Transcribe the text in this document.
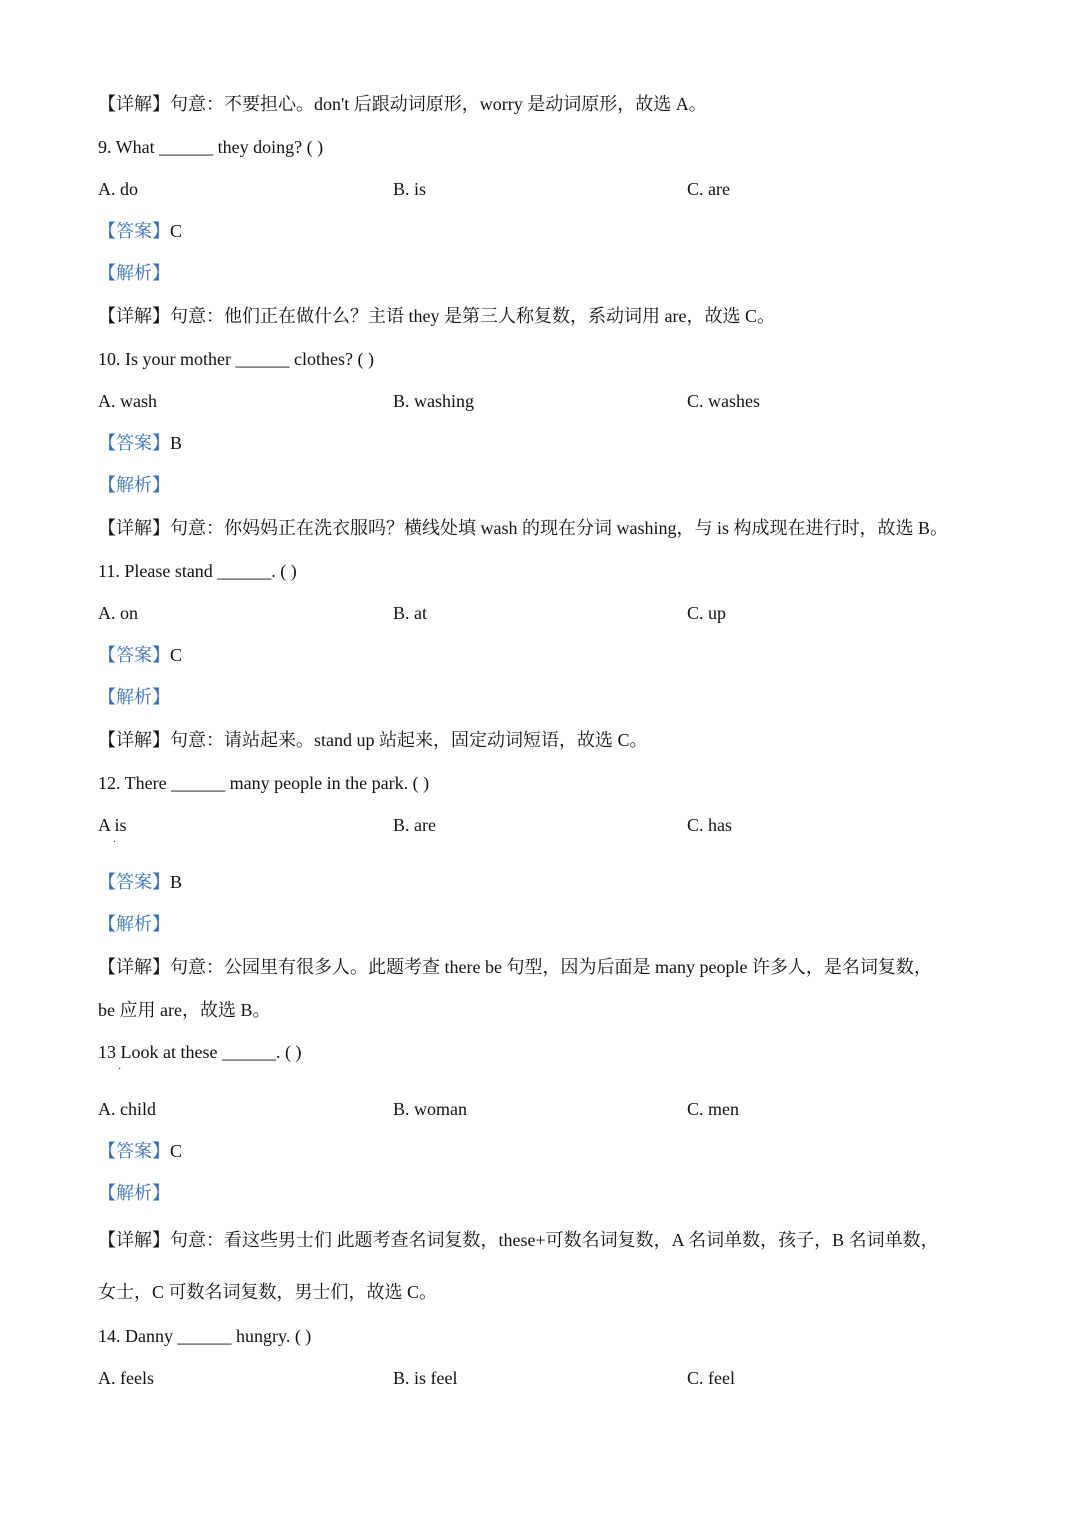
【详解】句意：不要担心。don't 后跟动词原形，worry 是动词原形，故选 A。
9. What ______ they doing? ( )
A. do	B. is	C. are
【答案】C
【解析】
【详解】句意：他们正在做什么？主语 they 是第三人称复数，系动词用 are，故选 C。
10. Is your mother ______ clothes? ( )
A. wash	B. washing	C. washes
【答案】B
【解析】
【详解】句意：你妈妈正在洗衣服吗？横线处填 wash 的现在分词 washing，与 is 构成现在进行时，故选 B。
11. Please stand ______. ( )
A. on	B. at	C. up
【答案】C
【解析】
【详解】句意：请站起来。stand up 站起来，固定动词短语，故选 C。
12. There ______ many people in the park. ( )
A is
·
B. are	C. has
【答案】B
【解析】
【详解】句意：公园里有很多人。此题考查 there be 句型，因为后面是 many people 许多人，是名词复数，
be 应用 are，故选 B。
13 Look at these ______. ( )
·
A. child	B. woman	C. men
【答案】C
【解析】
【详解】句意：看这些男士们 此题考查名词复数，these+可数名词复数，A 名词单数，孩子，B 名词单数，
女士，C 可数名词复数，男士们，故选 C。
14. Danny ______ hungry. ( )
A. feels	B. is feel	C. feel
